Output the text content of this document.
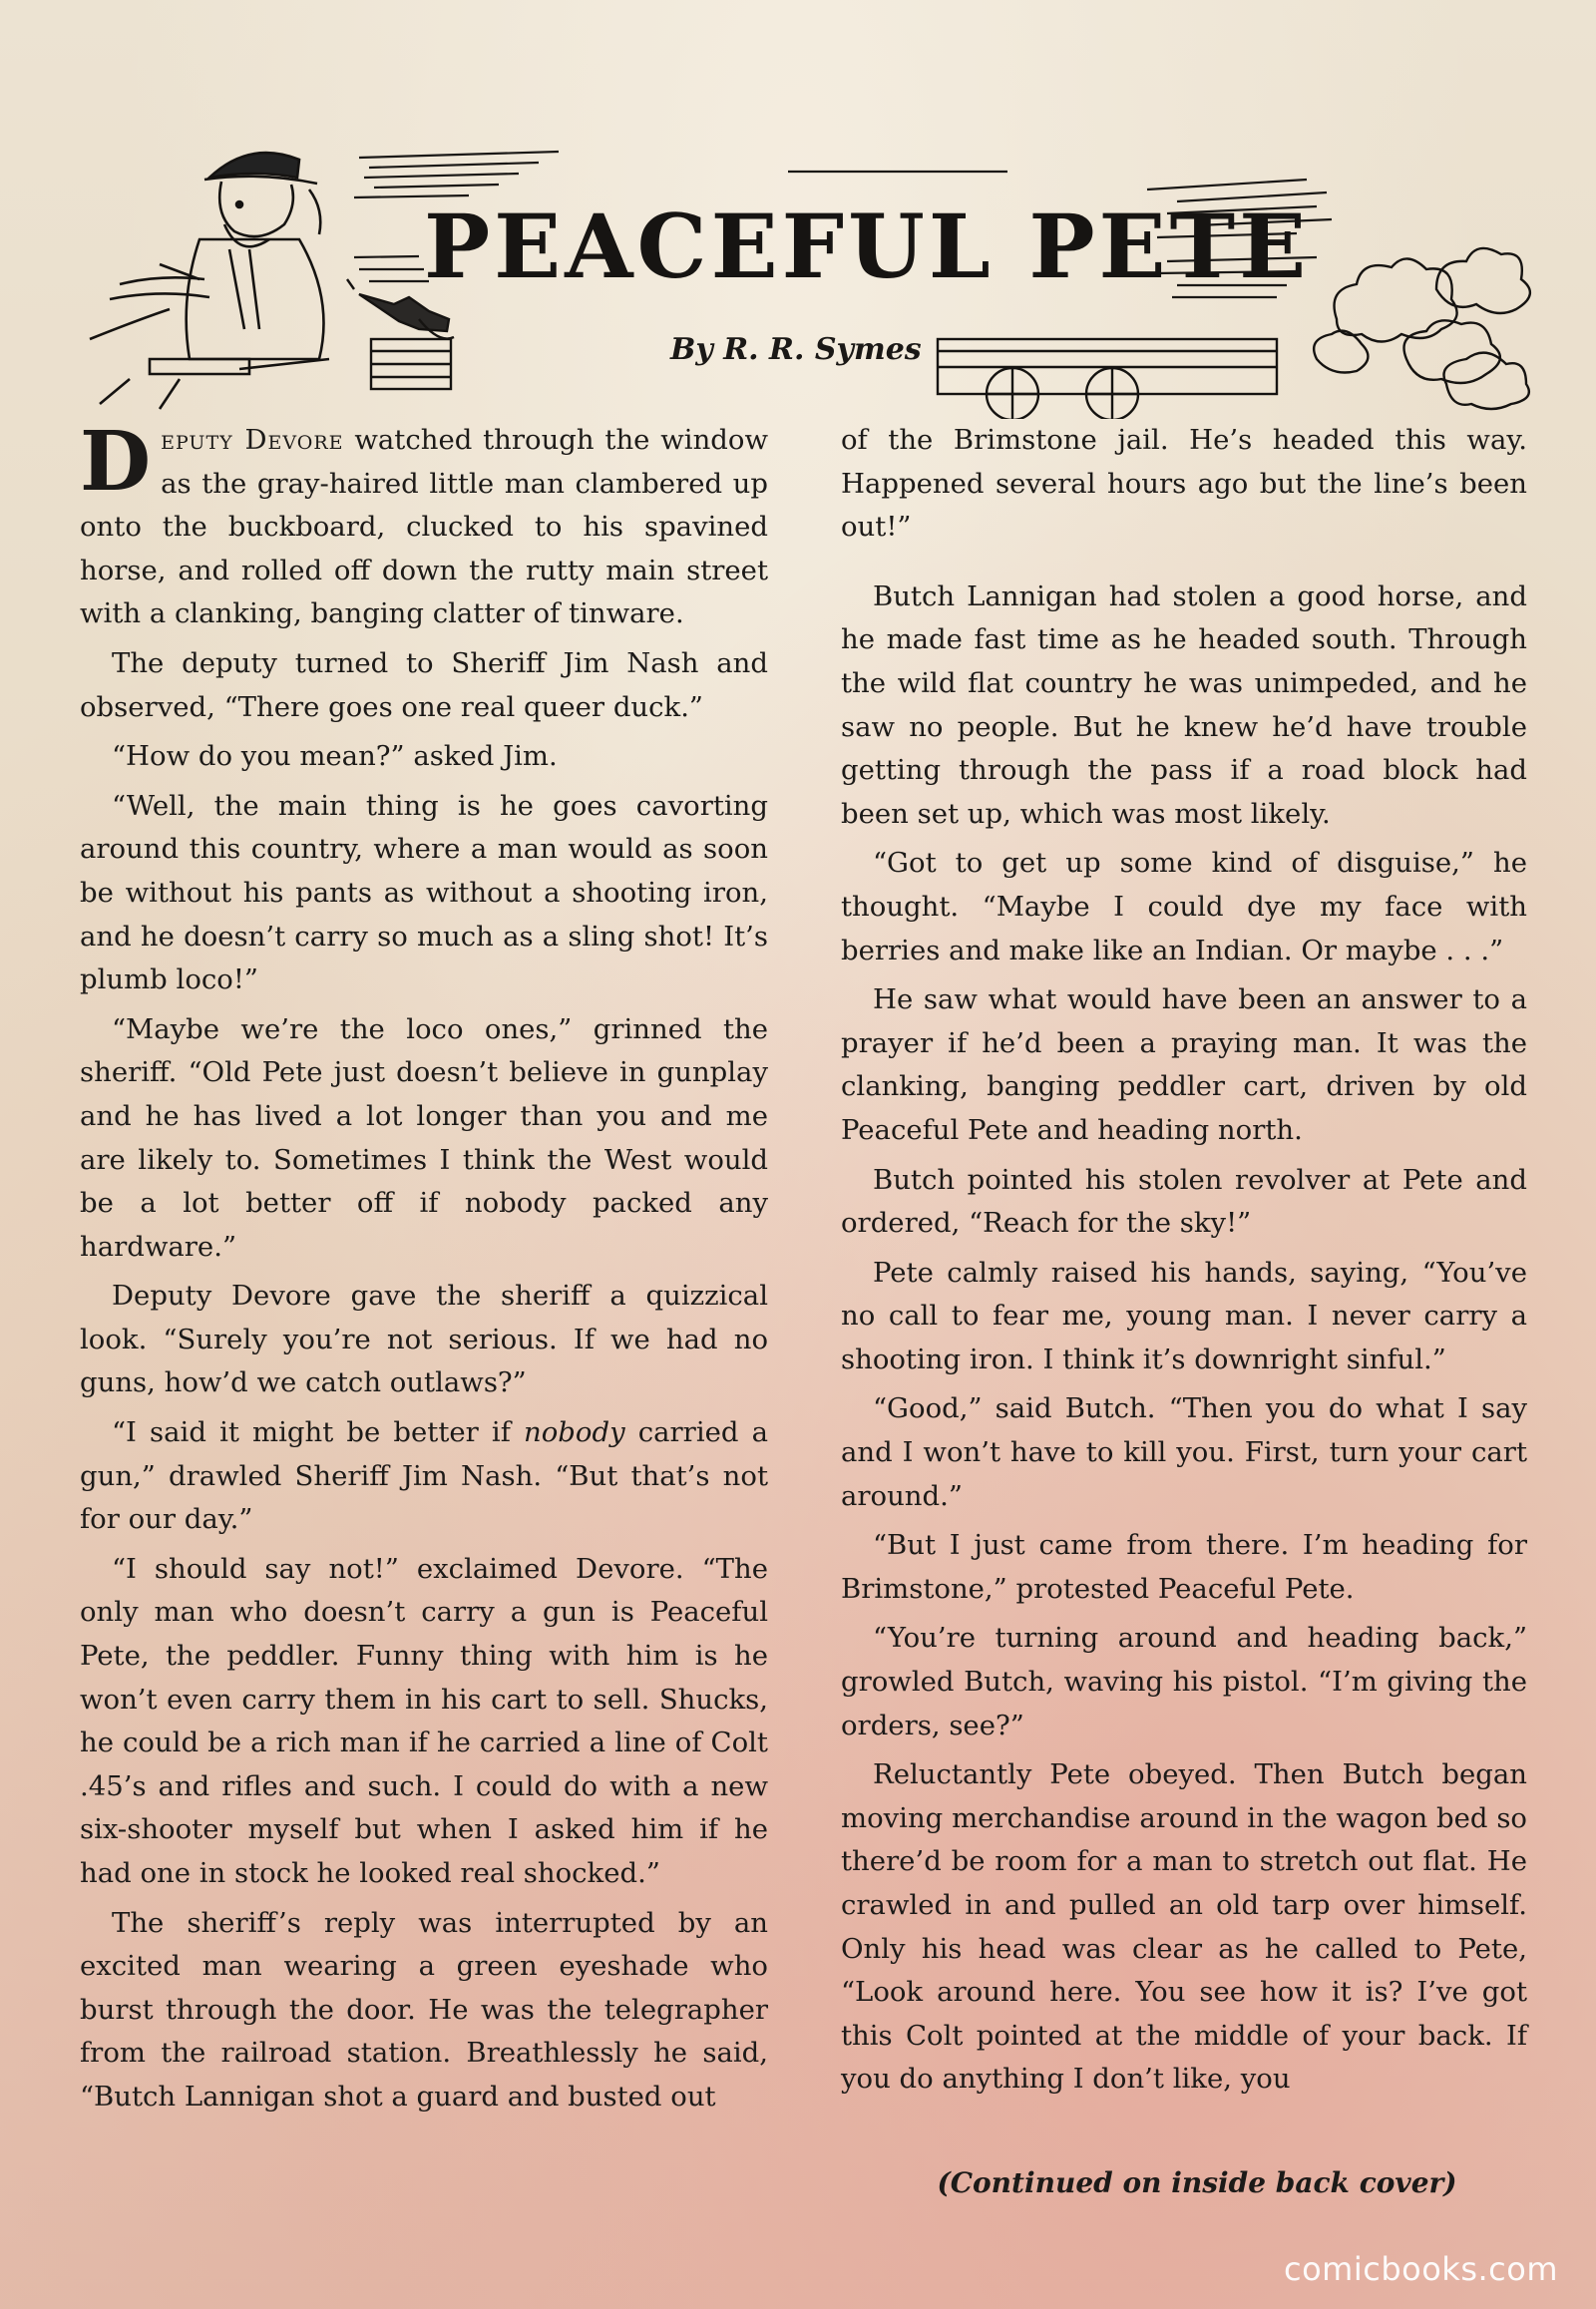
PEACEFUL PETE
By R. R. Symes

Deputy Devore watched through the window as the gray-haired little man clambered up onto the buckboard, clucked to his spavined horse, and rolled off down the rutty main street with a clanking, banging clatter of tinware.

The deputy turned to Sheriff Jim Nash and observed, “There goes one real queer duck.”

“How do you mean?” asked Jim.

“Well, the main thing is he goes cavorting around this country, where a man would as soon be without his pants as without a shooting iron, and he doesn’t carry so much as a sling shot! It’s plumb loco!”

“Maybe we’re the loco ones,” grinned the sheriff. “Old Pete just doesn’t believe in gunplay and he has lived a lot longer than you and me are likely to. Sometimes I think the West would be a lot better off if nobody packed any hardware.”

Deputy Devore gave the sheriff a quizzical look. “Surely you’re not serious. If we had no guns, how’d we catch outlaws?”

“I said it might be better if nobody carried a gun,” drawled Sheriff Jim Nash. “But that’s not for our day.”

“I should say not!” exclaimed Devore. “The only man who doesn’t carry a gun is Peaceful Pete, the peddler. Funny thing with him is he won’t even carry them in his cart to sell. Shucks, he could be a rich man if he carried a line of Colt .45’s and rifles and such. I could do with a new six-shooter myself but when I asked him if he had one in stock he looked real shocked.”

The sheriff’s reply was interrupted by an excited man wearing a green eyeshade who burst through the door. He was the telegrapher from the railroad station. Breathlessly he said, “Butch Lannigan shot a guard and busted out

of the Brimstone jail. He’s headed this way. Happened several hours ago but the line’s been out!”

Butch Lannigan had stolen a good horse, and he made fast time as he headed south. Through the wild flat country he was unimpeded, and he saw no people. But he knew he’d have trouble getting through the pass if a road block had been set up, which was most likely.

“Got to get up some kind of disguise,” he thought. “Maybe I could dye my face with berries and make like an Indian. Or maybe . . .”

He saw what would have been an answer to a prayer if he’d been a praying man. It was the clanking, banging peddler cart, driven by old Peaceful Pete and heading north.

Butch pointed his stolen revolver at Pete and ordered, “Reach for the sky!”

Pete calmly raised his hands, saying, “You’ve no call to fear me, young man. I never carry a shooting iron. I think it’s downright sinful.”

“Good,” said Butch. “Then you do what I say and I won’t have to kill you. First, turn your cart around.”

“But I just came from there. I’m heading for Brimstone,” protested Peaceful Pete.

“You’re turning around and heading back,” growled Butch, waving his pistol. “I’m giving the orders, see?”

Reluctantly Pete obeyed. Then Butch began moving merchandise around in the wagon bed so there’d be room for a man to stretch out flat. He crawled in and pulled an old tarp over himself. Only his head was clear as he called to Pete, “Look around here. You see how it is? I’ve got this Colt pointed at the middle of your back. If you do anything I don’t like, you

(Continued on inside back cover)
comicbooks.com
